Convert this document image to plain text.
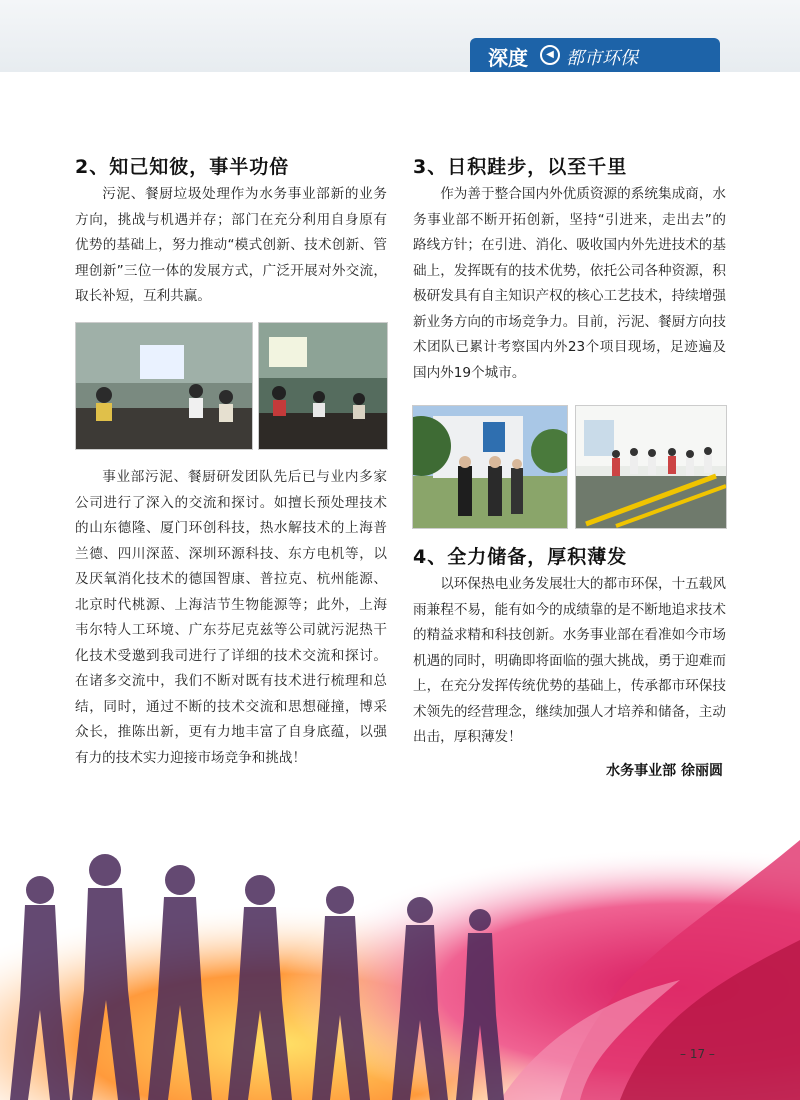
深度	◀ 都市环保
2、知己知彼，事半功倍

污泥、餐厨垃圾处理作为水务事业部新的业务方向，挑战与机遇并存；部门在充分利用自身原有优势的基础上，努力推动“模式创新、技术创新、管理创新”三位一体的发展方式，广泛开展对外交流，取长补短，互利共赢。

事业部污泥、餐厨研发团队先后已与业内多家公司进行了深入的交流和探讨。如擅长预处理技术的山东德隆、厦门环创科技，热水解技术的上海普兰德、四川深蓝、深圳环源科技、东方电机等，以及厌氧消化技术的德国智康、普拉克、杭州能源、北京时代桃源、上海洁节生物能源等；此外，上海韦尔特人工环境、广东芬尼克兹等公司就污泥热干化技术受邀到我司进行了详细的技术交流和探讨。在诸多交流中，我们不断对既有技术进行梳理和总结，同时，通过不断的技术交流和思想碰撞，博采众长，推陈出新，更有力地丰富了自身底蕴，以强有力的技术实力迎接市场竞争和挑战！

3、日积跬步，以至千里

作为善于整合国内外优质资源的系统集成商，水务事业部不断开拓创新，坚持“引进来，走出去”的路线方针；在引进、消化、吸收国内外先进技术的基础上，发挥既有的技术优势，依托公司各种资源，积极研发具有自主知识产权的核心工艺技术，持续增强新业务方向的市场竞争力。目前，污泥、餐厨方向技术团队已累计考察国内外23个项目现场，足迹遍及国内外19个城市。

4、全力储备，厚积薄发

以环保热电业务发展壮大的都市环保，十五载风雨兼程不易，能有如今的成绩靠的是不断地追求技术的精益求精和科技创新。水务事业部在看准如今市场机遇的同时，明确即将面临的强大挑战，勇于迎难而上，在充分发挥传统优势的基础上，传承都市环保技术领先的经营理念，继续加强人才培养和储备，主动出击，厚积薄发！

水务事业部 徐丽圆
– 17 –
